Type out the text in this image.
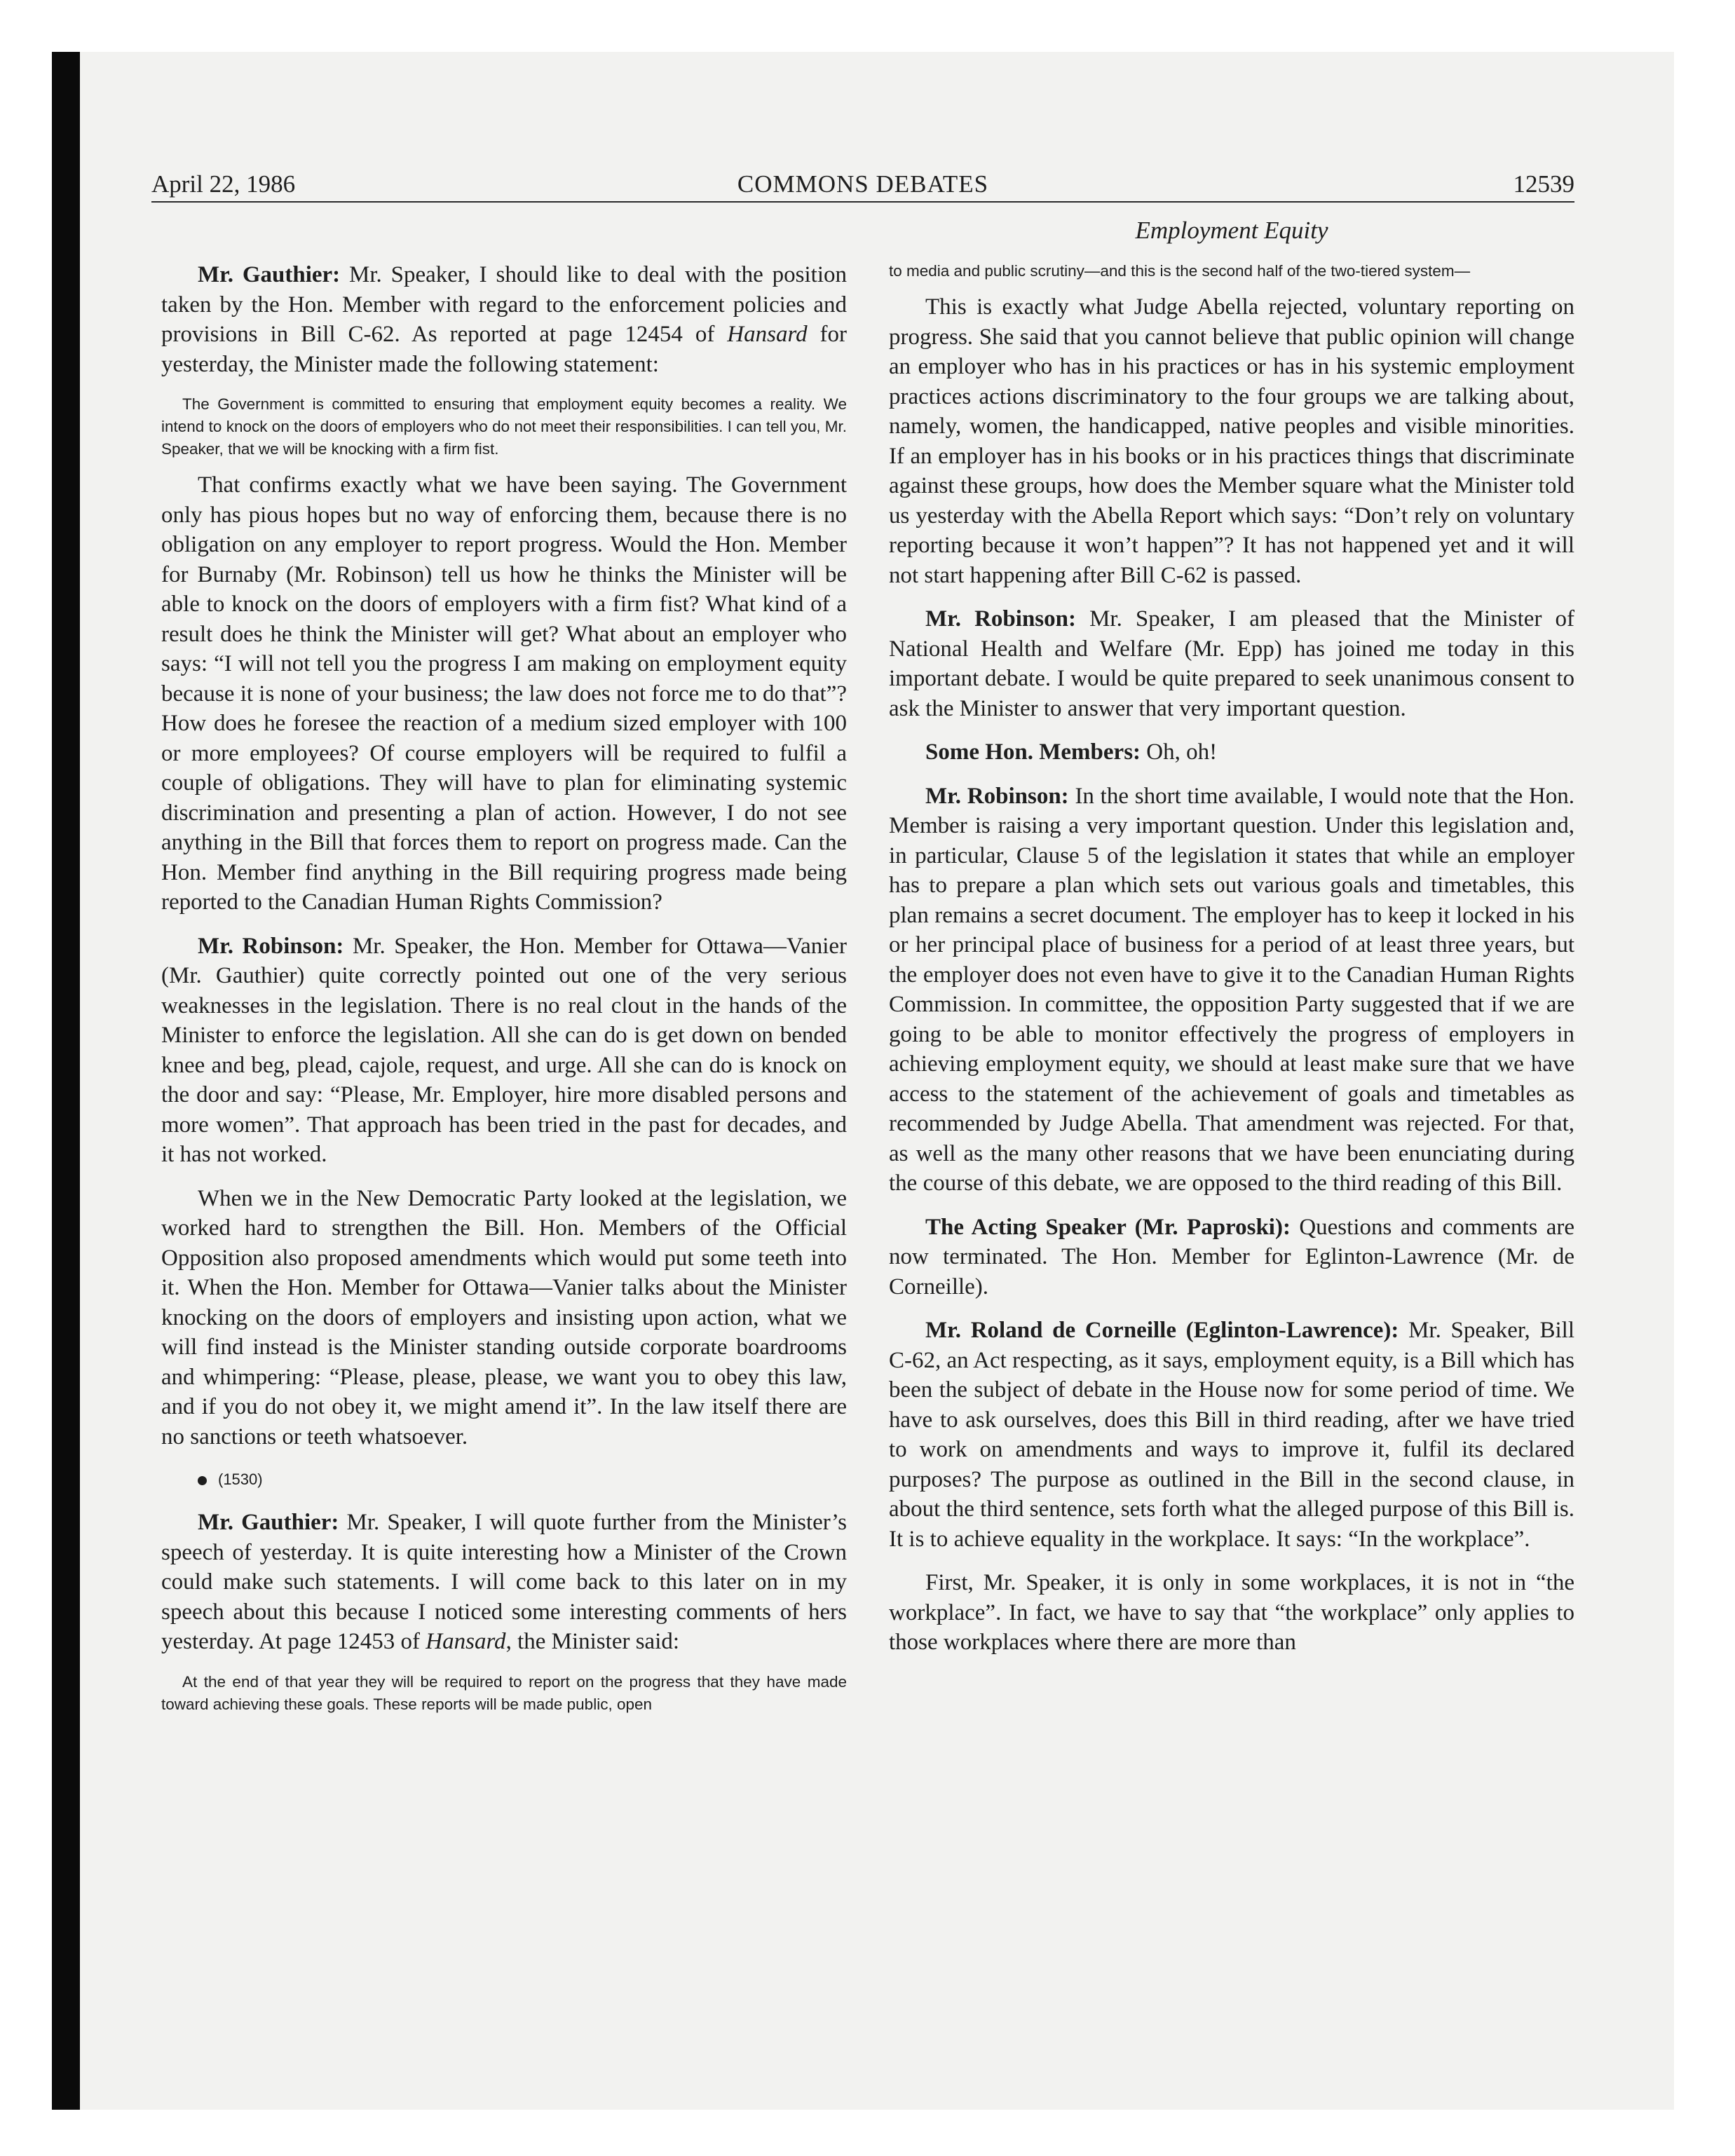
April 22, 1986	COMMONS DEBATES	12539
Employment Equity

Mr. Gauthier: Mr. Speaker, I should like to deal with the position taken by the Hon. Member with regard to the enforcement policies and provisions in Bill C-62. As reported at page 12454 of Hansard for yesterday, the Minister made the following statement:

The Government is committed to ensuring that employment equity becomes a reality. We intend to knock on the doors of employers who do not meet their responsibilities. I can tell you, Mr. Speaker, that we will be knocking with a firm fist.

That confirms exactly what we have been saying. The Government only has pious hopes but no way of enforcing them, because there is no obligation on any employer to report progress. Would the Hon. Member for Burnaby (Mr. Robinson) tell us how he thinks the Minister will be able to knock on the doors of employers with a firm fist? What kind of a result does he think the Minister will get? What about an employer who says: “I will not tell you the progress I am making on employment equity because it is none of your business; the law does not force me to do that”? How does he foresee the reaction of a medium sized employer with 100 or more employees? Of course employers will be required to fulfil a couple of obligations. They will have to plan for eliminating systemic discrimination and presenting a plan of action. However, I do not see anything in the Bill that forces them to report on progress made. Can the Hon. Member find anything in the Bill requiring progress made being reported to the Canadian Human Rights Commission?

Mr. Robinson: Mr. Speaker, the Hon. Member for Ottawa—Vanier (Mr. Gauthier) quite correctly pointed out one of the very serious weaknesses in the legislation. There is no real clout in the hands of the Minister to enforce the legislation. All she can do is get down on bended knee and beg, plead, cajole, request, and urge. All she can do is knock on the door and say: “Please, Mr. Employer, hire more disabled persons and more women”. That approach has been tried in the past for decades, and it has not worked.

When we in the New Democratic Party looked at the legislation, we worked hard to strengthen the Bill. Hon. Members of the Official Opposition also proposed amendments which would put some teeth into it. When the Hon. Member for Ottawa—Vanier talks about the Minister knocking on the doors of employers and insisting upon action, what we will find instead is the Minister standing outside corporate boardrooms and whimpering: “Please, please, please, we want you to obey this law, and if you do not obey it, we might amend it”. In the law itself there are no sanctions or teeth whatsoever.

(1530)

Mr. Gauthier: Mr. Speaker, I will quote further from the Minister’s speech of yesterday. It is quite interesting how a Minister of the Crown could make such statements. I will come back to this later on in my speech about this because I noticed some interesting comments of hers yesterday. At page 12453 of Hansard, the Minister said:

At the end of that year they will be required to report on the progress that they have made toward achieving these goals. These reports will be made public, open

to media and public scrutiny—and this is the second half of the two-tiered system—

This is exactly what Judge Abella rejected, voluntary reporting on progress. She said that you cannot believe that public opinion will change an employer who has in his practices or has in his systemic employment practices actions discriminatory to the four groups we are talking about, namely, women, the handicapped, native peoples and visible minorities. If an employer has in his books or in his practices things that discriminate against these groups, how does the Member square what the Minister told us yesterday with the Abella Report which says: “Don’t rely on voluntary reporting because it won’t happen”? It has not happened yet and it will not start happening after Bill C-62 is passed.

Mr. Robinson: Mr. Speaker, I am pleased that the Minister of National Health and Welfare (Mr. Epp) has joined me today in this important debate. I would be quite prepared to seek unanimous consent to ask the Minister to answer that very important question.

Some Hon. Members: Oh, oh!

Mr. Robinson: In the short time available, I would note that the Hon. Member is raising a very important question. Under this legislation and, in particular, Clause 5 of the legislation it states that while an employer has to prepare a plan which sets out various goals and timetables, this plan remains a secret document. The employer has to keep it locked in his or her principal place of business for a period of at least three years, but the employer does not even have to give it to the Canadian Human Rights Commission. In committee, the opposition Party suggested that if we are going to be able to monitor effectively the progress of employers in achieving employment equity, we should at least make sure that we have access to the statement of the achievement of goals and timetables as recommended by Judge Abella. That amendment was rejected. For that, as well as the many other reasons that we have been enunciating during the course of this debate, we are opposed to the third reading of this Bill.

The Acting Speaker (Mr. Paproski): Questions and comments are now terminated. The Hon. Member for Eglinton-Lawrence (Mr. de Corneille).

Mr. Roland de Corneille (Eglinton-Lawrence): Mr. Speaker, Bill C-62, an Act respecting, as it says, employment equity, is a Bill which has been the subject of debate in the House now for some period of time. We have to ask ourselves, does this Bill in third reading, after we have tried to work on amendments and ways to improve it, fulfil its declared purposes? The purpose as outlined in the Bill in the second clause, in about the third sentence, sets forth what the alleged purpose of this Bill is. It is to achieve equality in the workplace. It says: “In the workplace”.

First, Mr. Speaker, it is only in some workplaces, it is not in “the workplace”. In fact, we have to say that “the workplace” only applies to those workplaces where there are more than
